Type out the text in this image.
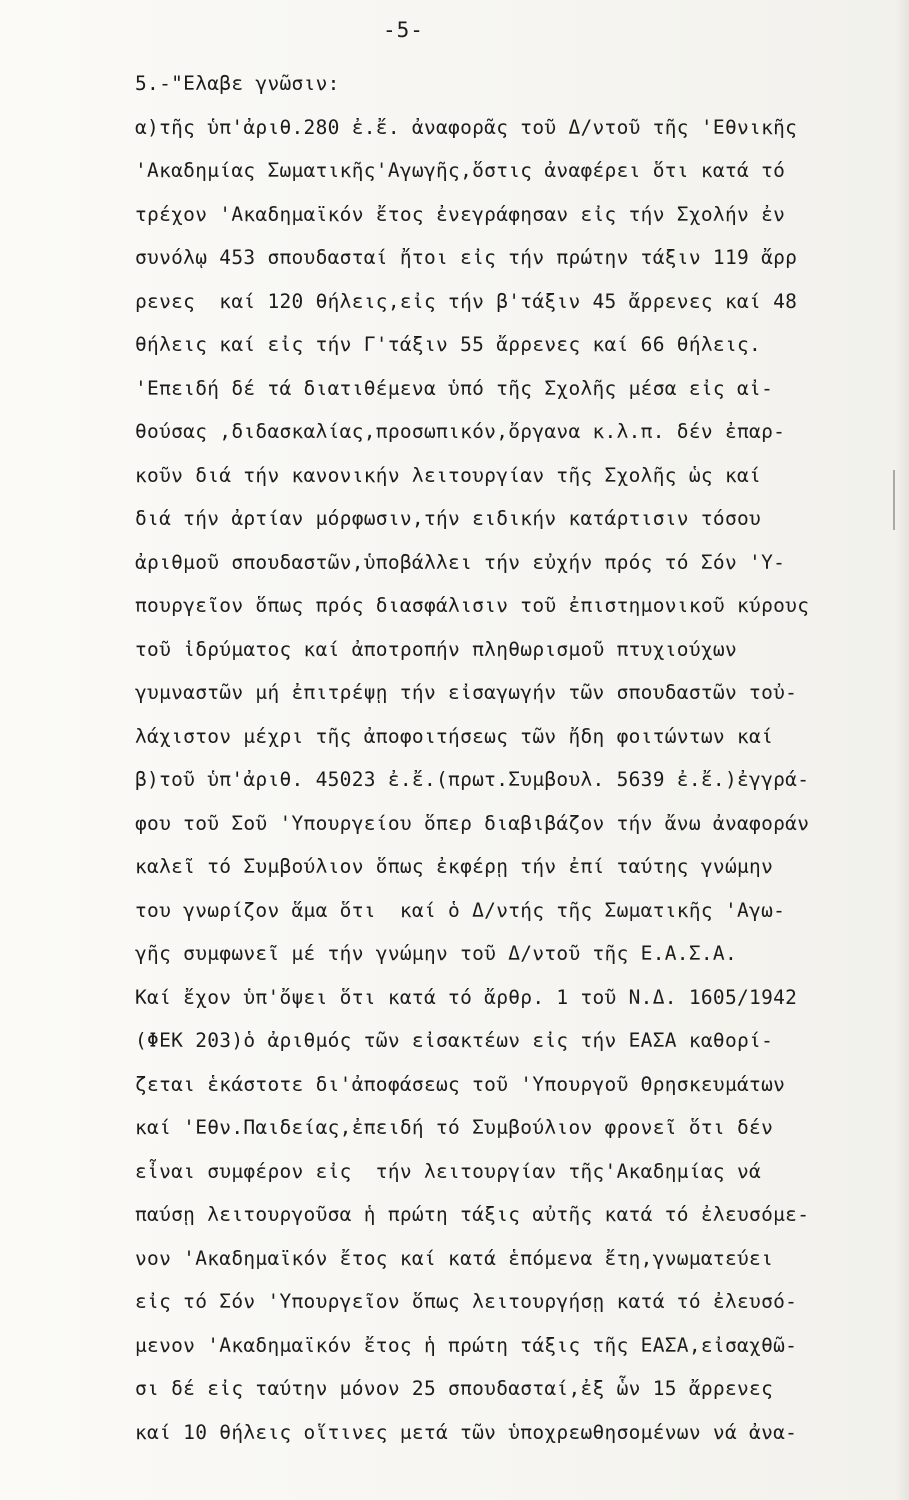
-5-
5.-"Ελαβε γνῶσιν:
α)τῆς ὑπ'ἀριθ.280 ἐ.ἔ. ἀναφορᾶς τοῦ Δ/ντοῦ τῆς 'Εθνικῆς
'Ακαδημίας Σωματικῆς'Αγωγῆς,ὅστις ἀναφέρει ὅτι κατά τό
τρέχον 'Ακαδημαϊκόν ἔτος ἐνεγράφησαν εἰς τήν Σχολήν ἐν
συνόλῳ 453 σπουδασταί ἤτοι εἰς τήν πρώτην τάξιν 119 ἄρρ
ρενες  καί 120 θήλεις,εἰς τήν β'τάξιν 45 ἄρρενες καί 48
θήλεις καί εἰς τήν Γ'τάξιν 55 ἄρρενες καί 66 θήλεις.
'Επειδή δέ τά διατιθέμενα ὑπό τῆς Σχολῆς μέσα εἰς αἰ-
θούσας ,διδασκαλίας,προσωπικόν,ὄργανα κ.λ.π. δέν ἐπαρ-
κοῦν διά τήν κανονικήν λειτουργίαν τῆς Σχολῆς ὡς καί
διά τήν ἀρτίαν μόρφωσιν,τήν ειδικήν κατάρτισιν τόσου
ἀριθμοῦ σπουδαστῶν,ὑποβάλλει τήν εὐχήν πρός τό Σόν 'Υ-
πουργεῖον ὅπως πρός διασφάλισιν τοῦ ἐπιστημονικοῦ κύρους
τοῦ ἱδρύματος καί ἀποτροπήν πληθωρισμοῦ πτυχιούχων
γυμναστῶν μή ἐπιτρέψῃ τήν εἰσαγωγήν τῶν σπουδαστῶν τοὐ-
λάχιστον μέχρι τῆς ἀποφοιτήσεως τῶν ἤδη φοιτώντων καί
β)τοῦ ὑπ'ἀριθ. 45023 ἐ.ἔ.(πρωτ.Συμβουλ. 5639 ἐ.ἔ.)ἐγγρά-
φου τοῦ Σοῦ 'Υπουργείου ὅπερ διαβιβάζον τήν ἄνω ἀναφοράν
καλεῖ τό Συμβούλιον ὅπως ἐκφέρῃ τήν ἐπί ταύτης γνώμην
του γνωρίζον ἅμα ὅτι  καί ὁ Δ/ντής τῆς Σωματικῆς 'Αγω-
γῆς συμφωνεῖ μέ τήν γνώμην τοῦ Δ/ντοῦ τῆς Ε.Α.Σ.Α.
Καί ἔχον ὑπ'ὄψει ὅτι κατά τό ἄρθρ. 1 τοῦ Ν.Δ. 1605/1942
(ΦΕΚ 203)ὁ ἀριθμός τῶν εἰσακτέων εἰς τήν ΕΑΣΑ καθορί-
ζεται ἑκάστοτε δι'ἀποφάσεως τοῦ 'Υπουργοῦ Θρησκευμάτων
καί 'Εθν.Παιδείας,ἐπειδή τό Συμβούλιον φρονεῖ ὅτι δέν
εἶναι συμφέρον εἰς  τήν λειτουργίαν τῆς'Ακαδημίας νά
παύσῃ λειτουργοῦσα ἡ πρώτη τάξις αὐτῆς κατά τό ἐλευσόμε-
νον 'Ακαδημαϊκόν ἔτος καί κατά ἑπόμενα ἔτη,γνωματεύει
εἰς τό Σόν 'Υπουργεῖον ὅπως λειτουργήσῃ κατά τό ἐλευσό-
μενον 'Ακαδημαϊκόν ἔτος ἡ πρώτη τάξις τῆς ΕΑΣΑ,εἰσαχθῶ-
σι δέ εἰς ταύτην μόνον 25 σπουδασταί,ἐξ ὧν 15 ἄρρενες
καί 10 θήλεις οἵτινες μετά τῶν ὑποχρεωθησομένων νά ἀνα-
